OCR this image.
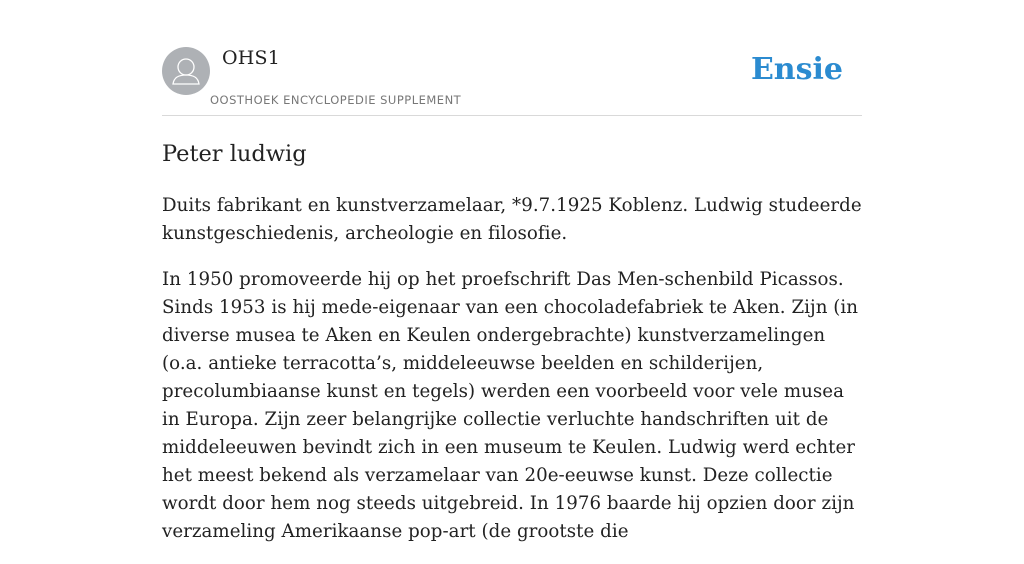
OHS1
OOSTHOEK ENCYCLOPEDIE SUPPLEMENT
Ensie
Peter ludwig

Duits fabrikant en kunstverzamelaar, *9.7.1925 Koblenz. Ludwig studeerde kunstgeschiedenis, archeologie en filosofie.

In 1950 promoveerde hij op het proefschrift Das Men-schenbild Picassos. Sinds 1953 is hij mede-eigenaar van een chocoladefabriek te Aken. Zijn (in diverse musea te Aken en Keulen ondergebrachte) kunstverzamelingen (o.a. antieke terracotta’s, middeleeuwse beelden en schilderijen, precolumbiaanse kunst en tegels) werden een voorbeeld voor vele musea in Europa. Zijn zeer belangrijke collectie verluchte handschriften uit de middeleeuwen bevindt zich in een museum te Keulen. Ludwig werd echter het meest bekend als verzamelaar van 20e-eeuwse kunst. Deze collectie wordt door hem nog steeds uitgebreid. In 1976 baarde hij opzien door zijn verzameling Amerikaanse pop-art (de grootste die
